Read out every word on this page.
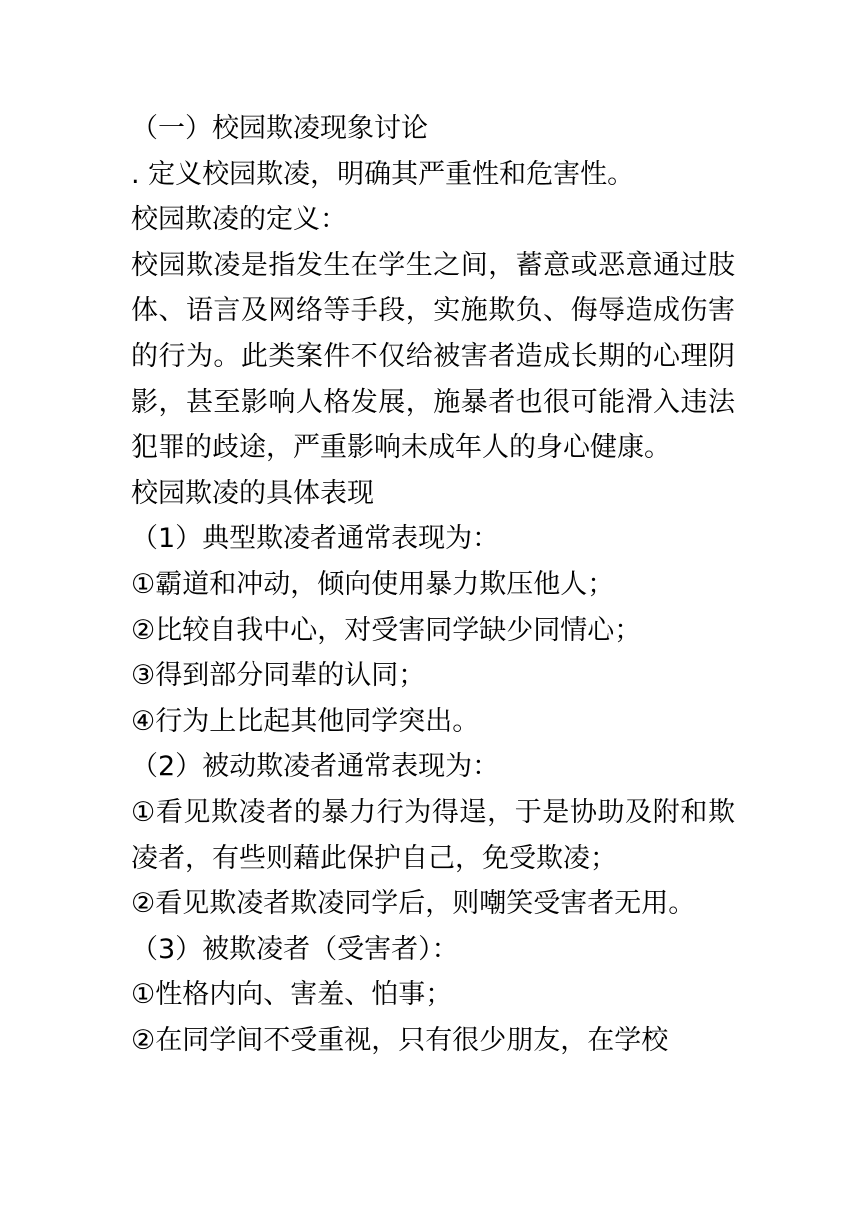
（一）校园欺凌现象讨论

. 定义校园欺凌，明确其严重性和危害性。

校园欺凌的定义：

校园欺凌是指发生在学生之间，蓄意或恶意通过肢体、语言及网络等手段，实施欺负、侮辱造成伤害的行为。此类案件不仅给被害者造成长期的心理阴影，甚至影响人格发展，施暴者也很可能滑入违法犯罪的歧途，严重影响未成年人的身心健康。

校园欺凌的具体表现

（1）典型欺凌者通常表现为：

①霸道和冲动，倾向使用暴力欺压他人；

②比较自我中心，对受害同学缺少同情心；

③得到部分同辈的认同；

④行为上比起其他同学突出。

（2）被动欺凌者通常表现为：

①看见欺凌者的暴力行为得逞，于是协助及附和欺凌者，有些则藉此保护自己，免受欺凌；

②看见欺凌者欺凌同学后，则嘲笑受害者无用。

（3）被欺凌者（受害者）：

①性格内向、害羞、怕事；

②在同学间不受重视，只有很少朋友，在学校
